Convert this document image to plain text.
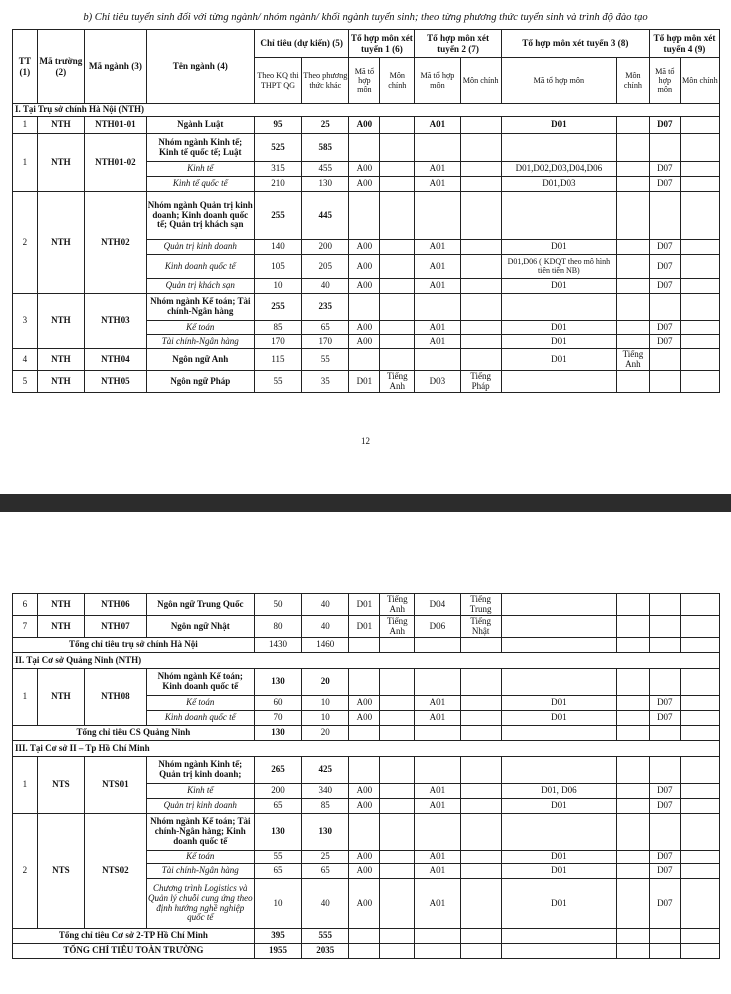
b) Chỉ tiêu tuyển sinh đối với từng ngành/ nhóm ngành/ khối ngành tuyển sinh; theo từng phương thức tuyển sinh và trình độ đào tạo
TT (1)	Mã trường (2)	Mã ngành (3)	Tên ngành (4)	Chỉ tiêu (dự kiến) (5)		Tổ hợp môn xét tuyển 1 (6)		Tổ hợp môn xét tuyển 2 (7)		Tổ hợp môn xét tuyển 3 (8)		Tổ hợp môn xét tuyển 4 (9)	
				Theo KQ thi THPT QG	Theo phương thức khác	Mã tổ hợp môn	Môn chính	Mã tổ hợp môn	Môn chính	Mã tổ hợp môn	Môn chính	Mã tổ hợp môn	Môn chính
I. Tại Trụ sở chính Hà Nội (NTH)													
1	NTH	NTH01-01	Ngành Luật	95	25	A00		A01		D01		D07	
1	NTH	NTH01-02	Nhóm ngành Kinh tế; Kinh tế quốc tế; Luật	525	585								
			Kinh tế	315	455	A00		A01		D01,D02,D03,D04,D06		D07	
			Kinh tế quốc tế	210	130	A00		A01		D01,D03		D07	
2	NTH	NTH02	Nhóm ngành Quản trị kinh doanh; Kinh doanh quốc tế; Quản trị khách sạn	255	445								
			Quản trị kinh doanh	140	200	A00		A01		D01		D07	
			Kinh doanh quốc tế	105	205	A00		A01		D01,D06 ( KDQT theo mô hình tiên tiến NB)		D07	
			Quản trị khách sạn	10	40	A00		A01		D01		D07	
3	NTH	NTH03	Nhóm ngành Kế toán; Tài chính-Ngân hàng	255	235								
			Kế toán	85	65	A00		A01		D01		D07	
			Tài chính-Ngân hàng	170	170	A00		A01		D01		D07	
4	NTH	NTH04	Ngôn ngữ Anh	115	55					D01	Tiếng Anh		
5	NTH	NTH05	Ngôn ngữ Pháp	55	35	D01	Tiếng Anh	D03	Tiếng Pháp				
12
6	NTH	NTH06	Ngôn ngữ Trung Quốc	50	40	D01	Tiếng Anh	D04	Tiếng Trung				
7	NTH	NTH07	Ngôn ngữ Nhật	80	40	D01	Tiếng Anh	D06	Tiếng Nhật				
Tổng chỉ tiêu trụ sở chính Hà Nội				1430	1460								
II. Tại Cơ sở Quảng Ninh (NTH)													
1	NTH	NTH08	Nhóm ngành Kế toán; Kinh doanh quốc tế	130	20								
			Kế toán	60	10	A00		A01		D01		D07	
			Kinh doanh quốc tế	70	10	A00		A01		D01		D07	
Tổng chỉ tiêu CS Quảng Ninh				130	20								
III. Tại Cơ sở II – Tp Hồ Chí Minh													
1	NTS	NTS01	Nhóm ngành Kinh tế; Quản trị kinh doanh;	265	425								
			Kinh tế	200	340	A00		A01		D01, D06		D07	
			Quản trị kinh doanh	65	85	A00		A01		D01		D07	
2	NTS	NTS02	Nhóm ngành Kế toán; Tài chính-Ngân hàng; Kinh doanh quốc tế	130	130								
			Kế toán	55	25	A00		A01		D01		D07	
			Tài chính-Ngân hàng	65	65	A00		A01		D01		D07	
			Chương trình Logistics và Quản lý chuỗi cung ứng theo định hướng nghề nghiệp quốc tế	10	40	A00		A01		D01		D07	
Tổng chỉ tiêu Cơ sở 2-TP Hồ Chí Minh				395	555								
TỔNG CHỈ TIÊU TOÀN TRƯỜNG				1955	2035								
